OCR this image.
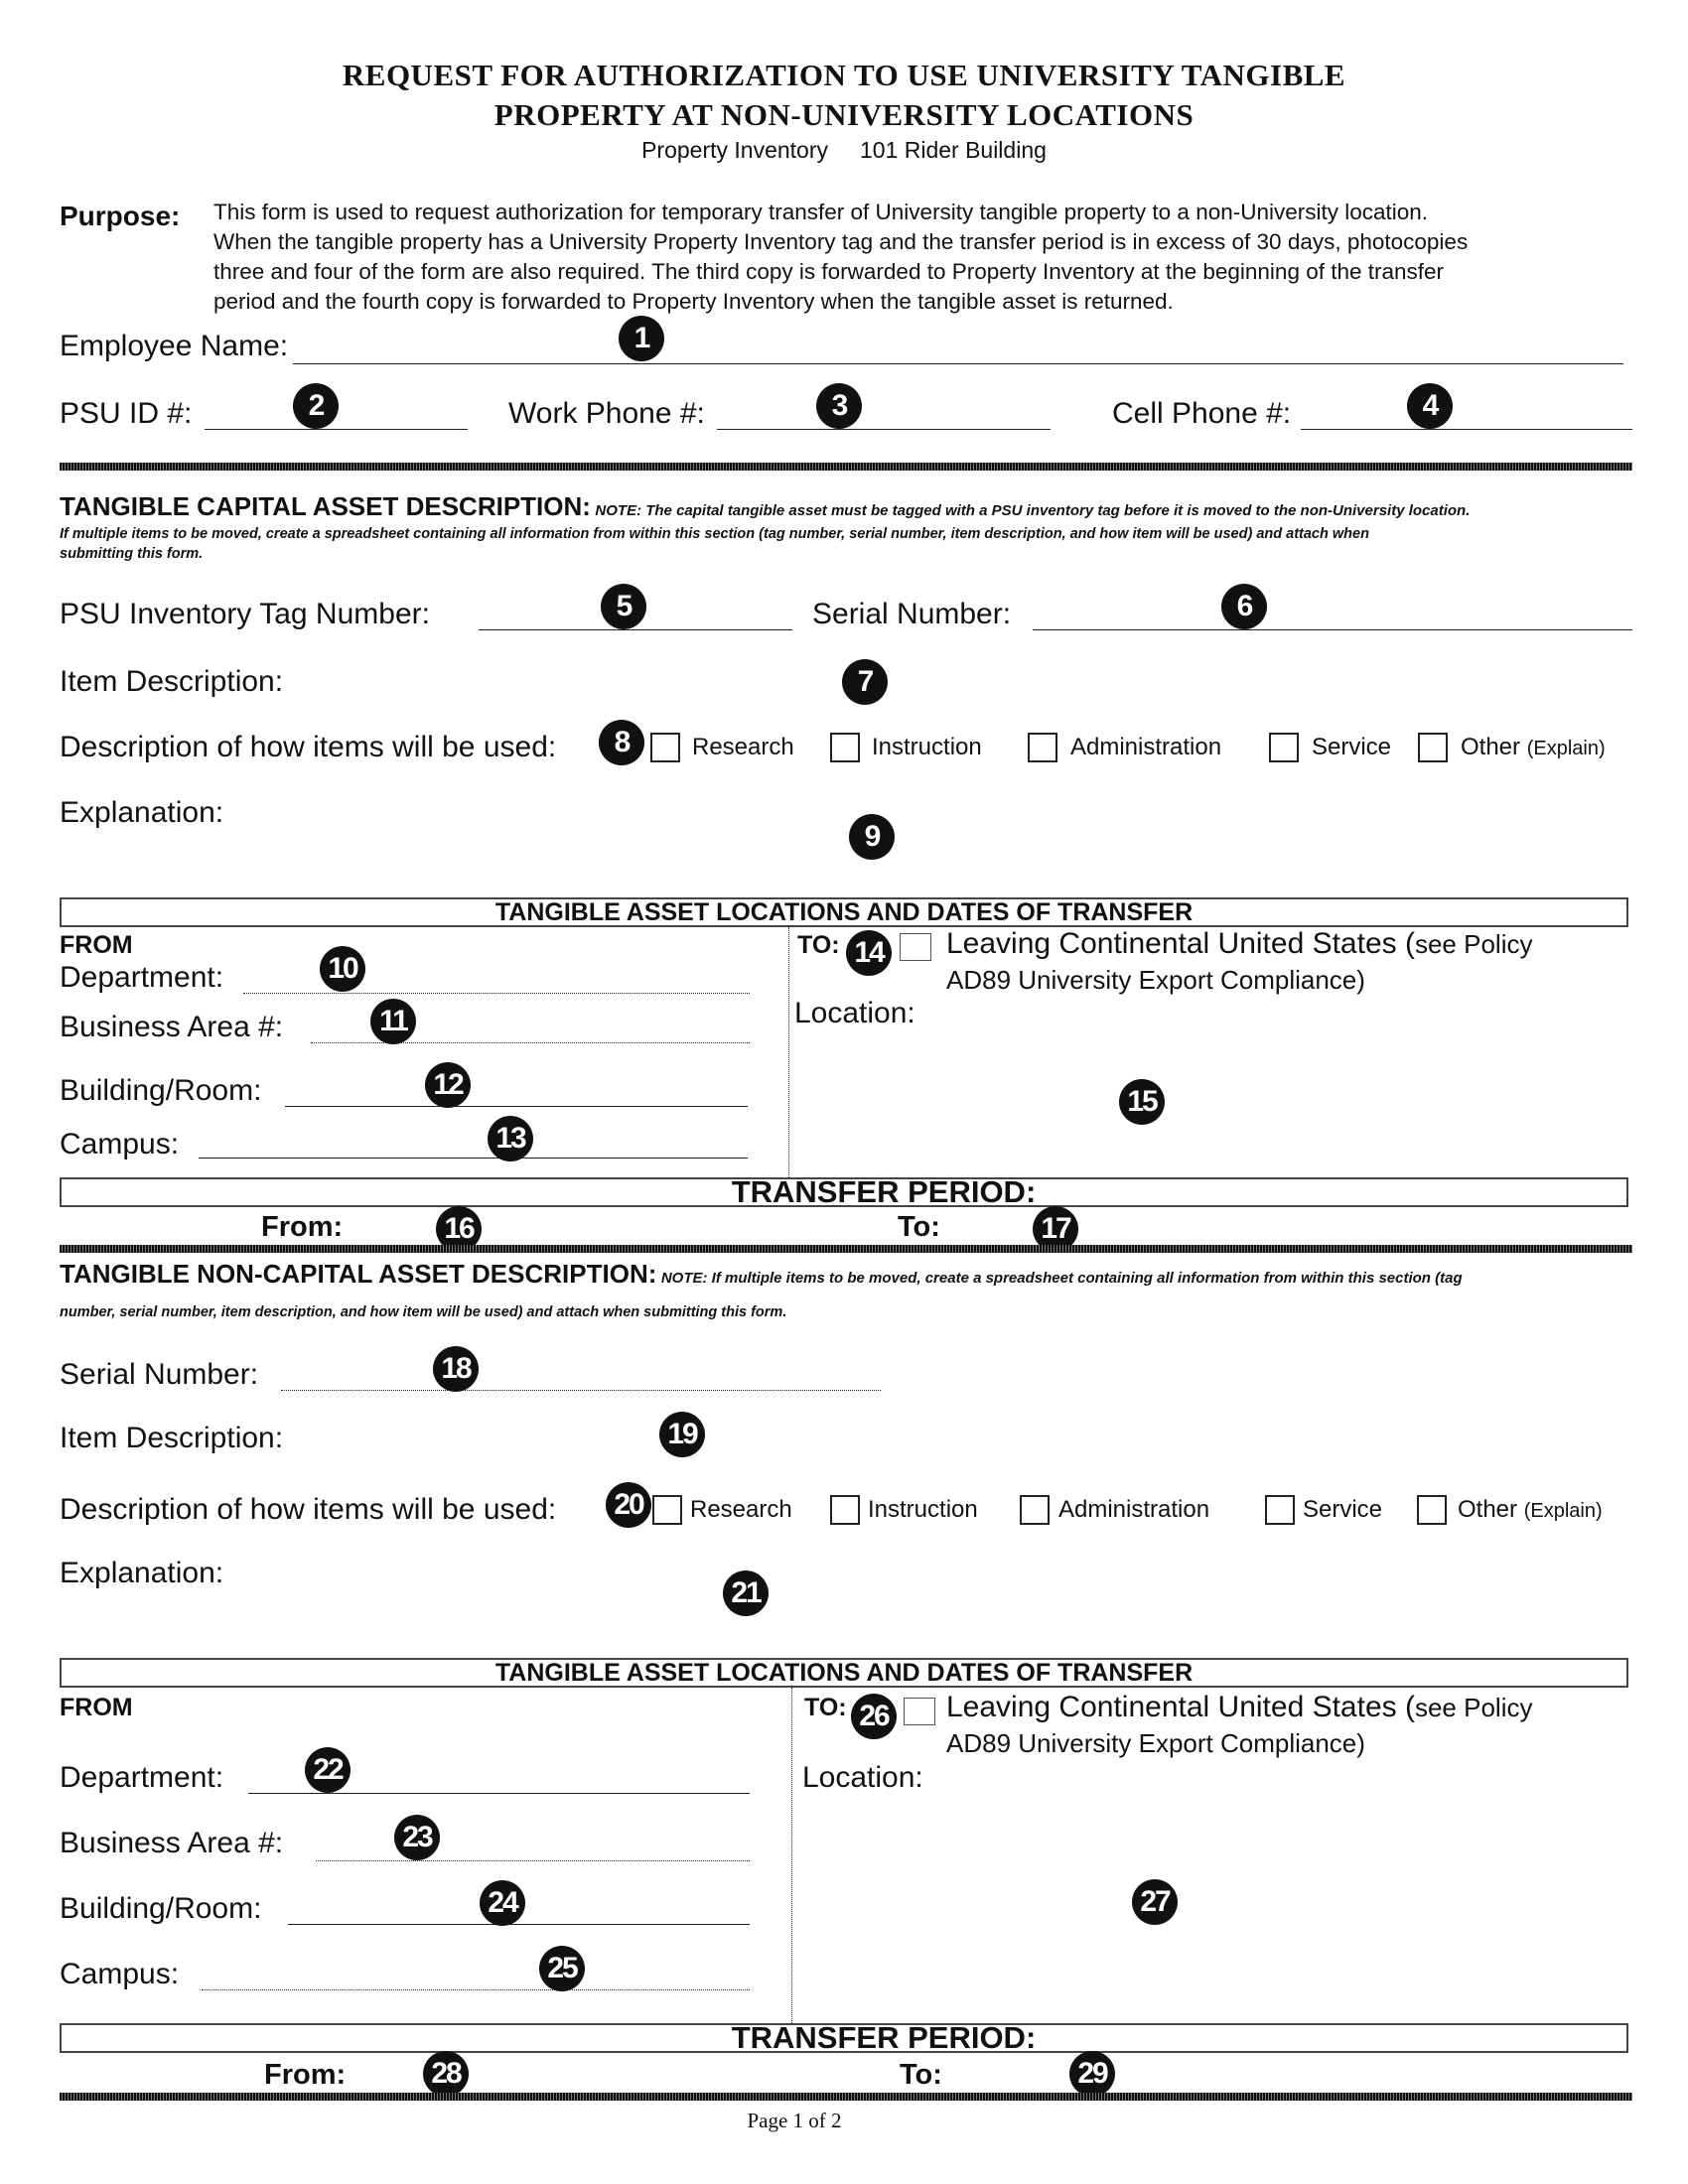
REQUEST FOR AUTHORIZATION TO USE UNIVERSITY TANGIBLE
PROPERTY AT NON-UNIVERSITY LOCATIONS
Property Inventory 101 Rider Building
Purpose: This form is used to request authorization for temporary transfer of University tangible property to a non-University location.
When the tangible property has a University Property Inventory tag and the transfer period is in excess of 30 days, photocopies
three and four of the form are also required. The third copy is forwarded to Property Inventory at the beginning of the transfer
period and the fourth copy is forwarded to Property Inventory when the tangible asset is returned.
Employee Name:	1
PSU ID #:	2	Work Phone #:	3	Cell Phone #:	4
TANGIBLE CAPITAL ASSET DESCRIPTION: NOTE: The capital tangible asset must be tagged with a PSU inventory tag before it is moved to the non-University location.
If multiple items to be moved, create a spreadsheet containing all information from within this section (tag number, serial number, item description, and how item will be used) and attach when
submitting this form.
PSU Inventory Tag Number:	5	Serial Number:	6
Item Description:	7
Description of how items will be used:	8	Research	Instruction	Administration	Service	Other (Explain)
Explanation:
9
TANGIBLE ASSET LOCATIONS AND DATES OF TRANSFER
FROM
Department:	10
Business Area #:	11
Building/Room:	12
Campus:	13
TO: 14 Leaving Continental United States (see Policy
AD89 University Export Compliance)
Location:
15
TRANSFER PERIOD:
From:	16	To:	17
TANGIBLE NON-CAPITAL ASSET DESCRIPTION: NOTE: If multiple items to be moved, create a spreadsheet containing all information from within this section (tag
number, serial number, item description, and how item will be used) and attach when submitting this form.
Serial Number:	18
Item Description:	19
Description of how items will be used: 20	Research	Instruction	Administration	Service	Other (Explain)
Explanation:
21
TANGIBLE ASSET LOCATIONS AND DATES OF TRANSFER
FROM
Department:	22
Business Area #:	23
Building/Room:	24
Campus:	25
TO: 26 Leaving Continental United States (see Policy
AD89 University Export Compliance)
Location:
27
TRANSFER PERIOD:
From:	28	To:	29
Page 1 of 2
